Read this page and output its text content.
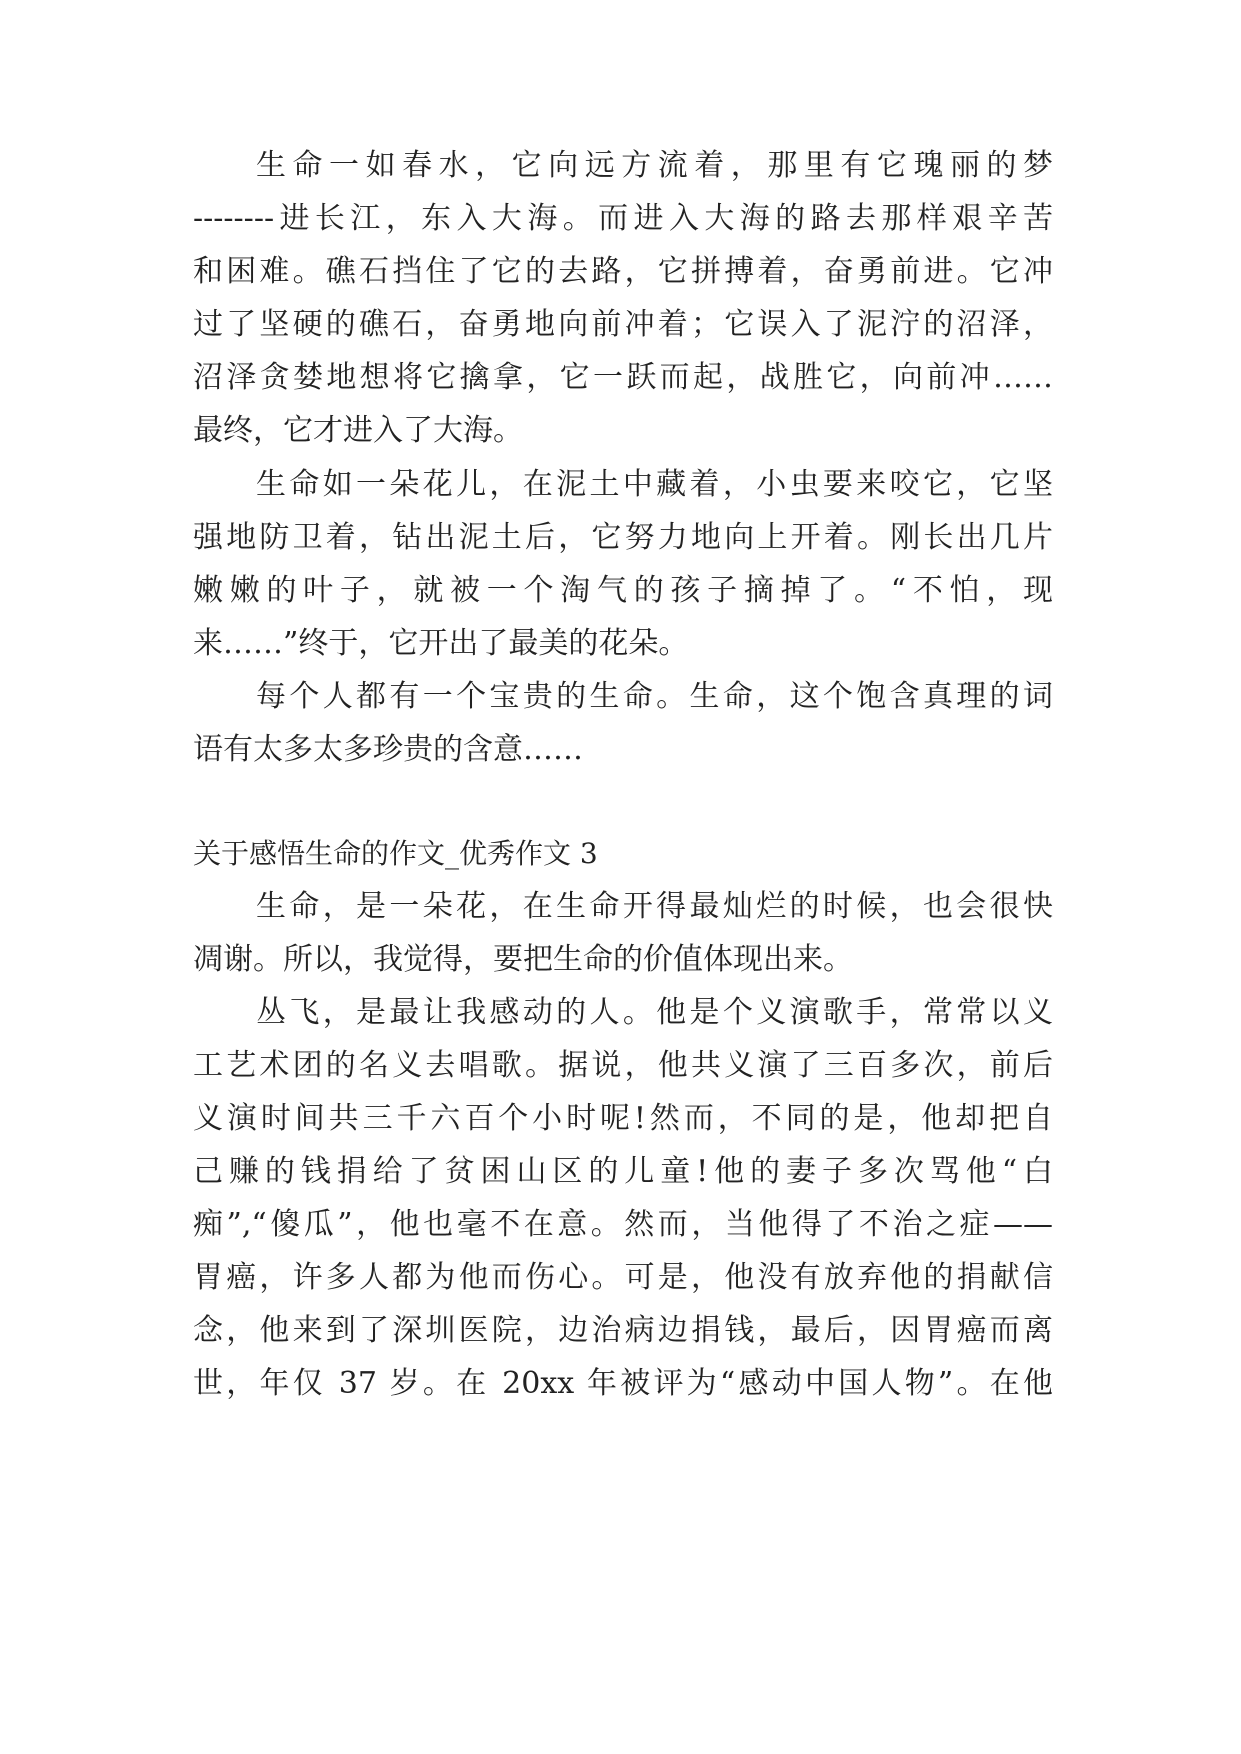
生命一如春水，它向远方流着，那里有它瑰丽的梦
--------进长江，东入大海。而进入大海的路去那样艰辛苦
和困难。礁石挡住了它的去路，它拼搏着，奋勇前进。它冲
过了坚硬的礁石，奋勇地向前冲着；它误入了泥泞的沼泽，
沼泽贪婪地想将它擒拿，它一跃而起，战胜它，向前冲……
最终，它才进入了大海。
生命如一朵花儿，在泥土中藏着，小虫要来咬它，它坚
强地防卫着，钻出泥土后，它努力地向上开着。刚长出几片
嫩嫩的叶子，就被一个淘气的孩子摘掉了。“不怕，现
来……”终于，它开出了最美的花朵。
每个人都有一个宝贵的生命。生命，这个饱含真理的词
语有太多太多珍贵的含意……
关于感悟生命的作文_优秀作文 3
生命，是一朵花，在生命开得最灿烂的时候，也会很快
凋谢。所以，我觉得，要把生命的价值体现出来。
丛飞，是最让我感动的人。他是个义演歌手，常常以义
工艺术团的名义去唱歌。据说，他共义演了三百多次，前后
义演时间共三千六百个小时呢!然而，不同的是，他却把自
己赚的钱捐给了贫困山区的儿童!他的妻子多次骂他“白
痴”,“傻瓜”，他也毫不在意。然而，当他得了不治之症——
胃癌，许多人都为他而伤心。可是，他没有放弃他的捐献信
念，他来到了深圳医院，边治病边捐钱，最后，因胃癌而离
世，年仅 37 岁。在 20xx 年被评为“感动中国人物”。在他
